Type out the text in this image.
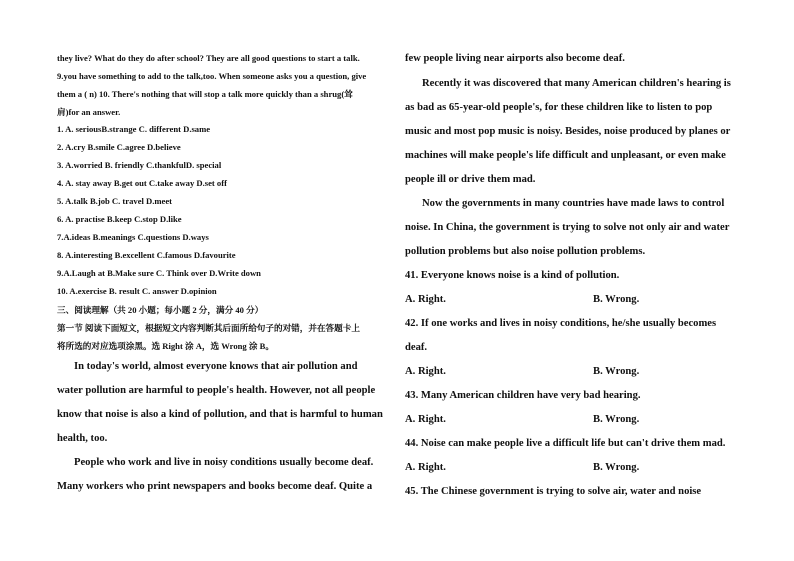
they live? What do they do after school? They are all good questions to start a talk.
9.you have something to add to the talk,too. When someone asks you a question, give
them a ( n) 10. There's nothing that will stop a talk more quickly than a shrug(耸
肩)for an answer.
1. A. seriousB.strange C. different D.same
2. A.cry B.smile C.agree D.believe
3. A.worried B. friendly C.thankfulD. special
4. A. stay away B.get out C.take away D.set off
5. A.talk B.job C. travel D.meet
6. A. practise B.keep C.stop D.like
7.A.ideas B.meanings C.questions D.ways
8. A.interesting B.excellent C.famous D.favourite
9.A.Laugh at B.Make sure C. Think over D.Write down
10. A.exercise B. result C. answer D.opinion
三、阅读理解（共 20 小题；每小题 2 分，满分 40 分）
第一节 阅读下面短文，根据短文内容判断其后面所给句子的对错，并在答题卡上
将所选的对应选项涂黑。选 Right 涂 A，选 Wrong 涂 B。
In today's world, almost everyone knows that air pollution and
water pollution are harmful to people's health. However, not all people
know that noise is also a kind of pollution, and that is harmful to human
health, too.
People who work and live in noisy conditions usually become deaf.
Many workers who print newspapers and books become deaf. Quite a
few people living near airports also become deaf.
Recently it was discovered that many American children's hearing is
as bad as 65-year-old people's, for these children like to listen to pop
music and most pop music is noisy. Besides, noise produced by planes or
machines will make people's life difficult and unpleasant, or even make
people ill or drive them mad.
Now the governments in many countries have made laws to control
noise. In China, the government is trying to solve not only air and water
pollution problems but also noise pollution problems.
41. Everyone knows noise is a kind of pollution.
A. Right.	B. Wrong.
42. If one works and lives in noisy conditions, he/she usually becomes
deaf.
A. Right.	B. Wrong.
43. Many American children have very bad hearing.
A. Right.	B. Wrong.
44. Noise can make people live a difficult life but can't drive them mad.
A. Right.	B. Wrong.
45. The Chinese government is trying to solve air, water and noise
